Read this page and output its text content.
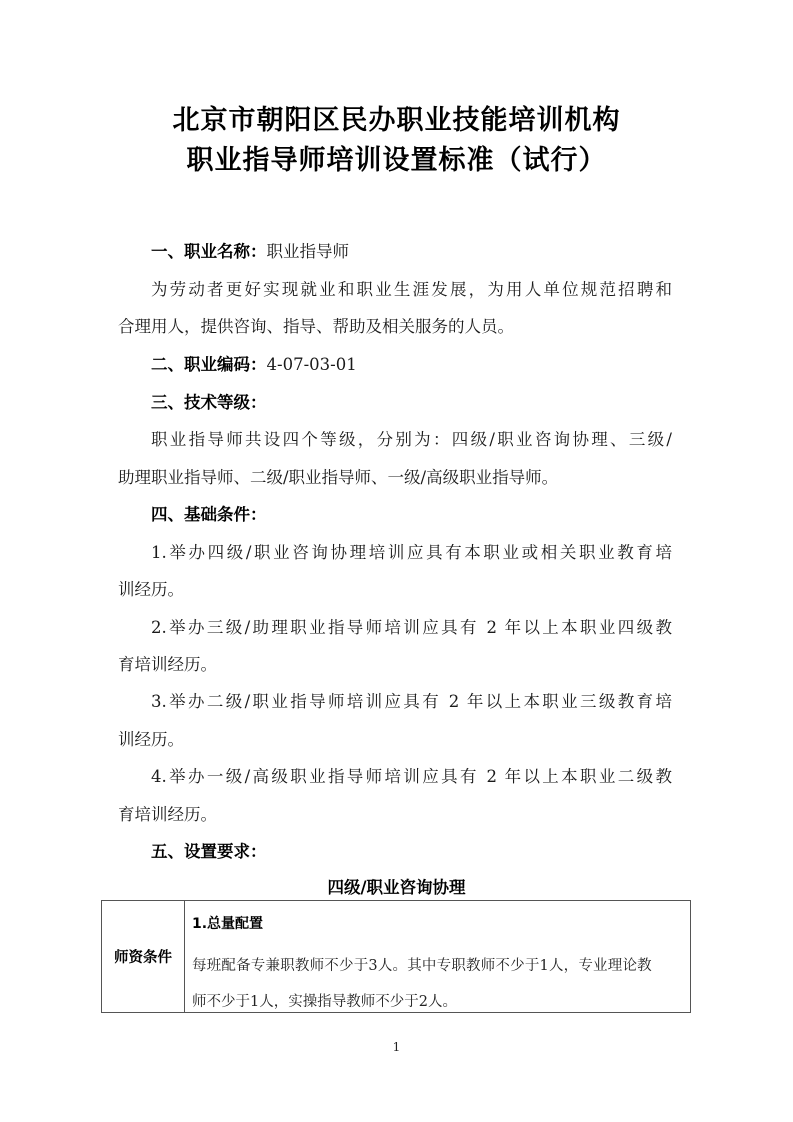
北京市朝阳区民办职业技能培训机构
职业指导师培训设置标准（试行）
一、职业名称：职业指导师
为劳动者更好实现就业和职业生涯发展，为用人单位规范招聘和
合理用人，提供咨询、指导、帮助及相关服务的人员。
二、职业编码：4-07-03-01
三、技术等级：
职业指导师共设四个等级，分别为：四级/职业咨询协理、三级/
助理职业指导师、二级/职业指导师、一级/高级职业指导师。
四、基础条件：
1.举办四级/职业咨询协理培训应具有本职业或相关职业教育培
训经历。
2.举办三级/助理职业指导师培训应具有 2 年以上本职业四级教
育培训经历。
3.举办二级/职业指导师培训应具有 2 年以上本职业三级教育培
训经历。
4.举办一级/高级职业指导师培训应具有 2 年以上本职业二级教
育培训经历。
五、设置要求：
四级/职业咨询协理
师资条件
1.总量配置
每班配备专兼职教师不少于3人。其中专职教师不少于1人，专业理论教
师不少于1人，实操指导教师不少于2人。
1
